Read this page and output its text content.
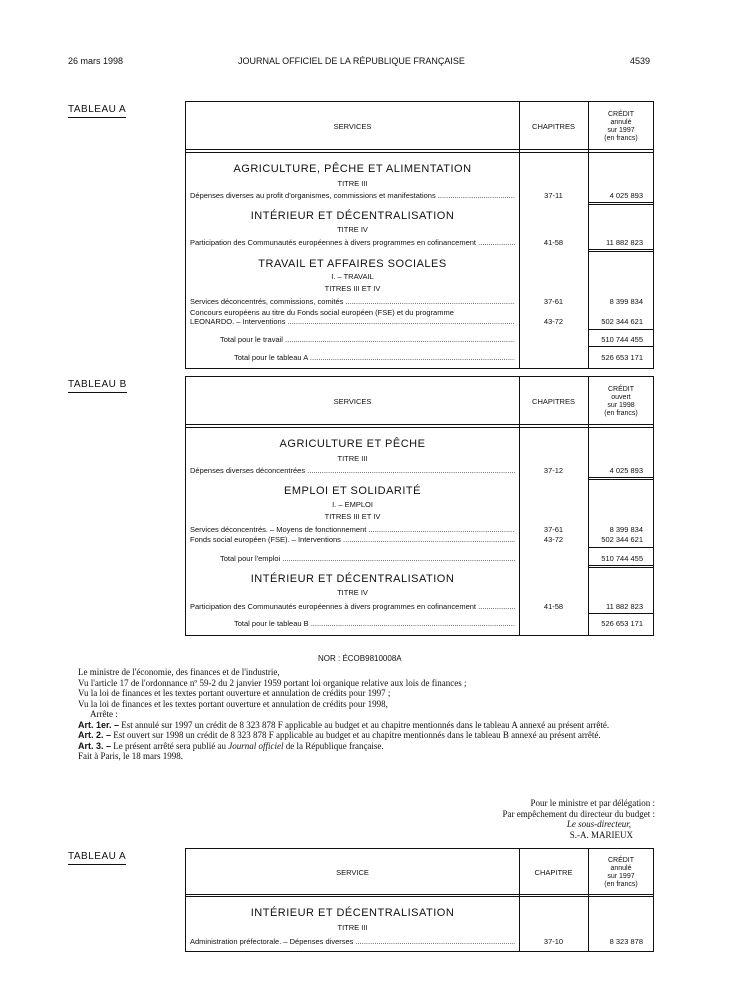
26 mars 1998	JOURNAL OFFICIEL DE LA RÉPUBLIQUE FRANÇAISE	4539
TABLEAU A
SERVICES	CHAPITRES
CRÉDIT
annulé
sur 1997
(en francs)
AGRICULTURE, PÊCHE ET ALIMENTATION
TITRE III
Dépenses diverses au profit d'organismes, commissions et manifestations .....	37-11	4 025 893
INTÉRIEUR ET DÉCENTRALISATION
TITRE IV
Participation des Communautés européennes à divers programmes en cofinancement .....	41-58	11 882 823
TRAVAIL ET AFFAIRES SOCIALES
I. – TRAVAIL
TITRES III ET IV
Services déconcentrés, commissions, comités .....	37-61	8 399 834
Concours européens au titre du Fonds social européen (FSE) et du programme
LEONARDO. – Interventions .....	43-72	502 344 621
Total pour le travail .....	510 744 455
Total pour le tableau A .....	526 653 171
TABLEAU B
SERVICES	CHAPITRES
CRÉDIT
ouvert
sur 1998
(en francs)
AGRICULTURE ET PÊCHE
TITRE III
Dépenses diverses déconcentrées .....	37-12	4 025 893
EMPLOI ET SOLIDARITÉ
I. – EMPLOI
TITRES III ET IV
Services déconcentrés. – Moyens de fonctionnement .....	37-61	8 399 834
Fonds social européen (FSE). – Interventions .....	43-72	502 344 621
Total pour l'emploi .....	510 744 455
INTÉRIEUR ET DÉCENTRALISATION
TITRE IV
Participation des Communautés européennes à divers programmes en cofinancement .....	41-58	11 882 823
Total pour le tableau B .....	526 653 171
NOR : ÉCOB9810008A

Le ministre de l'économie, des finances et de l'industrie,

Vu l'article 17 de l'ordonnance nº 59-2 du 2 janvier 1959 portant loi organique relative aux lois de finances ;

Vu la loi de finances et les textes portant ouverture et annulation de crédits pour 1997 ;

Vu la loi de finances et les textes portant ouverture et annulation de crédits pour 1998,

Arrête :

Art. 1er. – Est annulé sur 1997 un crédit de 8 323 878 F applicable au budget et au chapitre mentionnés dans le tableau A annexé au présent arrêté.

Art. 2. – Est ouvert sur 1998 un crédit de 8 323 878 F applicable au budget et au chapitre mentionnés dans le tableau B annexé au présent arrêté.

Art. 3. – Le présent arrêté sera publié au Journal officiel de la République française.

Fait à Paris, le 18 mars 1998.

Pour le ministre et par délégation :
Par empêchement du directeur du budget :
Le sous-directeur,
S.-A. MARIEUX
TABLEAU A
SERVICE	CHAPITRE
CRÉDIT
annulé
sur 1997
(en francs)
INTÉRIEUR ET DÉCENTRALISATION
TITRE III
Administration préfectorale. – Dépenses diverses .....	37-10	8 323 878
